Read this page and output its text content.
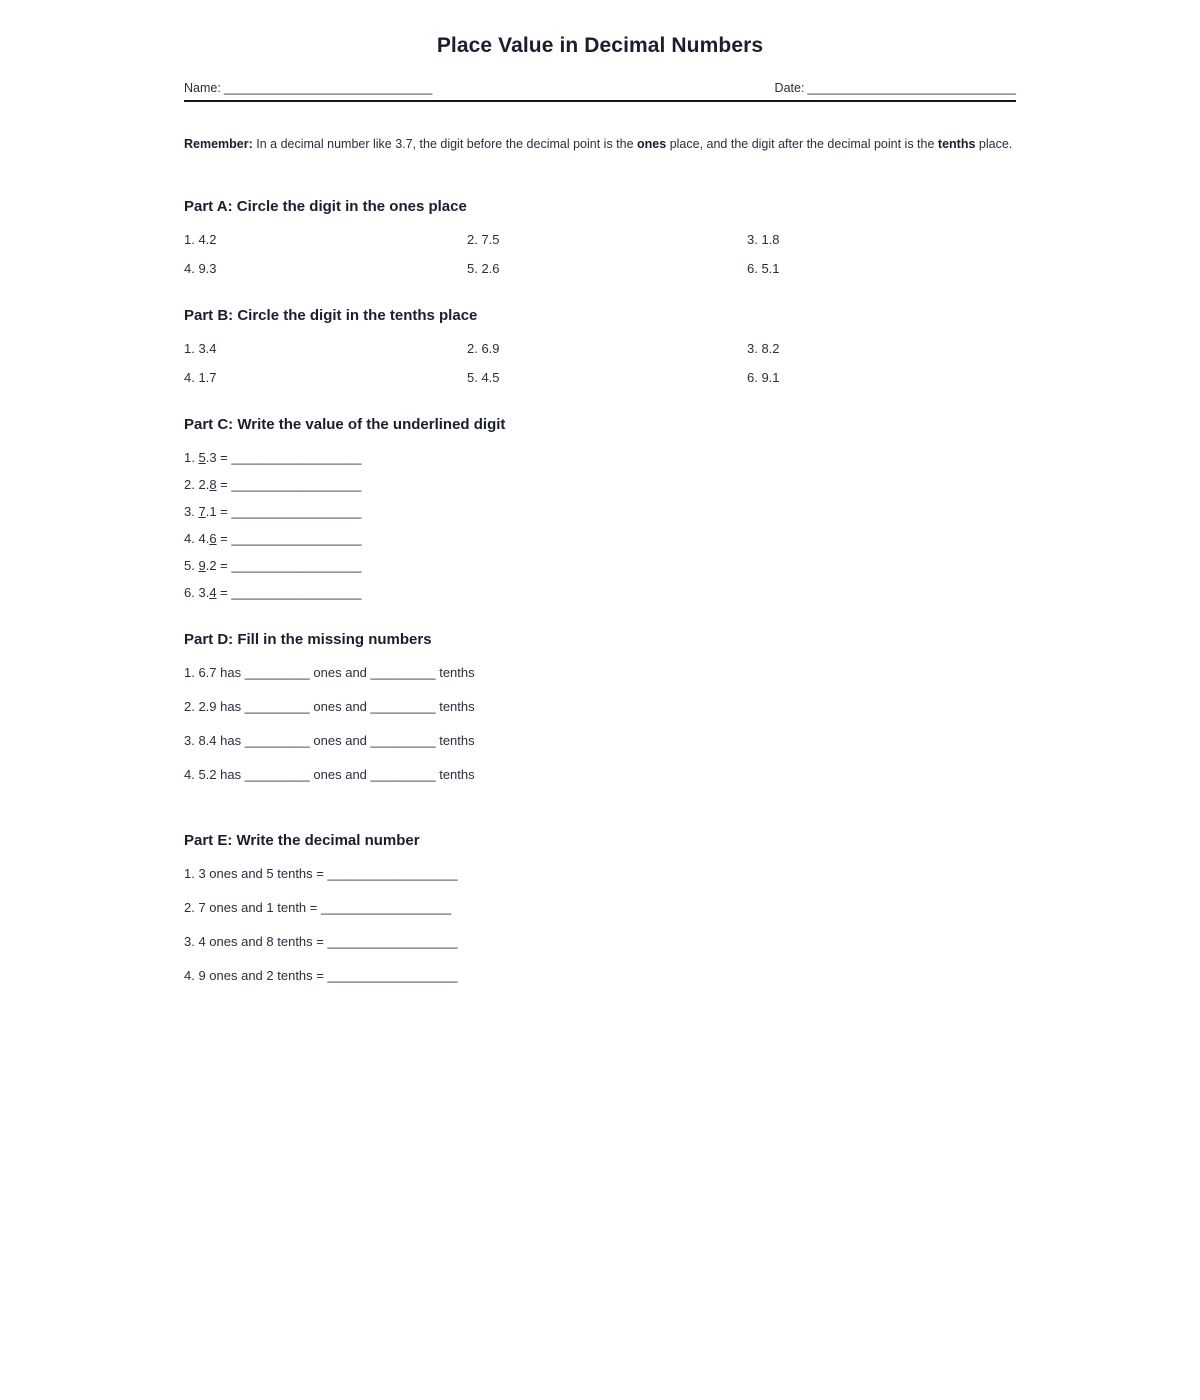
Place Value in Decimal Numbers
Name: ______________________________	Date: ______________________________

Remember: In a decimal number like 3.7, the digit before the decimal point is the ones place, and the digit after the decimal point is the tenths place.

Part A: Circle the digit in the ones place
1. 4.2	2. 7.5	3. 1.8
4. 9.3	5. 2.6	6. 5.1
Part B: Circle the digit in the tenths place
1. 3.4	2. 6.9	3. 8.2
4. 1.7	5. 4.5	6. 9.1
Part C: Write the value of the underlined digit
1. 5.3 = __________________
2. 2.8 = __________________
3. 7.1 = __________________
4. 4.6 = __________________
5. 9.2 = __________________
6. 3.4 = __________________
Part D: Fill in the missing numbers
1. 6.7 has _________ ones and _________ tenths
2. 2.9 has _________ ones and _________ tenths
3. 8.4 has _________ ones and _________ tenths
4. 5.2 has _________ ones and _________ tenths
Part E: Write the decimal number
1. 3 ones and 5 tenths = __________________
2. 7 ones and 1 tenth = __________________
3. 4 ones and 8 tenths = __________________
4. 9 ones and 2 tenths = __________________
